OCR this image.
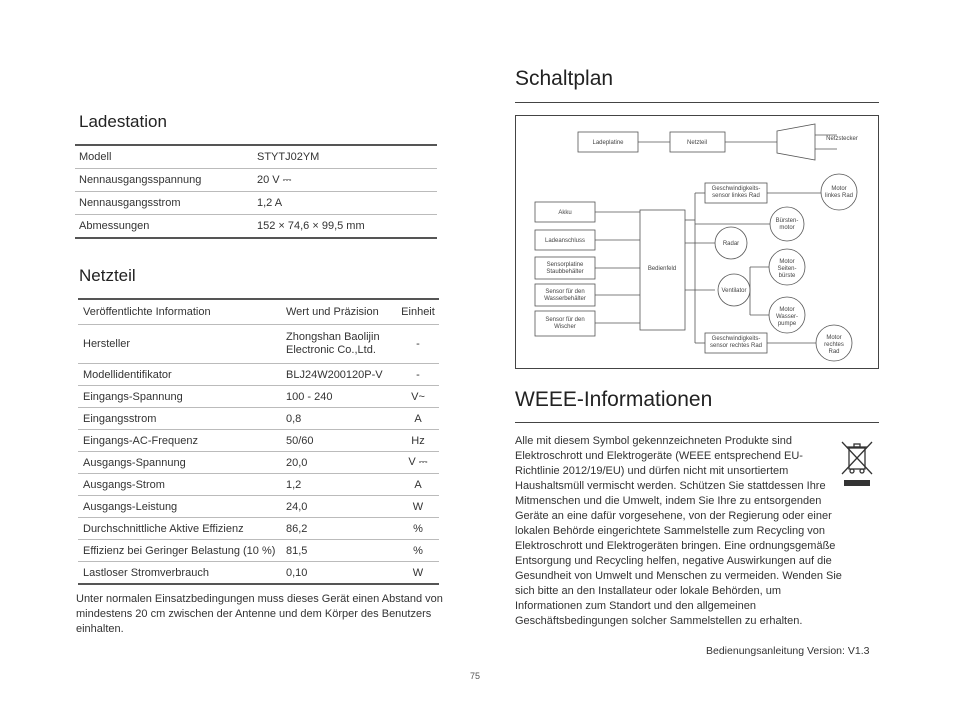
Ladestation
Modell	STYTJ02YM
Nennausgangsspannung	20 V ⎓
Nennausgangsstrom	1,2 A
Abmessungen	152 × 74,6 × 99,5 mm
Netzteil
Veröffentlichte Information	Wert und Präzision	Einheit
Hersteller	Zhongshan Baolijin Electronic Co.,Ltd.	-
Modellidentifikator	BLJ24W200120P-V	-
Eingangs-Spannung	100 - 240	V~
Eingangsstrom	0,8	A
Eingangs-AC-Frequenz	50/60	Hz
Ausgangs-Spannung	20,0	V ⎓
Ausgangs-Strom	1,2	A
Ausgangs-Leistung	24,0	W
Durchschnittliche Aktive Effizienz	86,2	%
Effizienz bei Geringer Belastung (10 %)	81,5	%
Lastloser Stromverbrauch	0,10	W
Unter normalen Einsatzbedingungen muss dieses Gerät einen Abstand von mindestens 20 cm zwischen der Antenne und dem Körper des Benutzers einhalten.
Schaltplan
Ladeplatine	Netzteil
Netzstecker
Geschwindigkeits-
sensor linkes Rad
Motor
linkes Rad
Akku
Bürsten-
motor
Ladeanschluss	Radar
Bedienfeld
Sensorplatine
Staubbehälter
Motor
Seiten-
bürste
Sensor für den
Wasserbehälter
Ventilator
Motor
Wasser-
pumpe
Sensor für den
Wischer
Geschwindigkeits-
sensor rechtes Rad
Motor
rechtes
Rad
WEEE-Informationen
Alle mit diesem Symbol gekennzeichneten Produkte sind Elektroschrott und Elektrogeräte (WEEE entsprechend EU-Richtlinie 2012/19/EU) und dürfen nicht mit unsortiertem Haushaltsmüll vermischt werden. Schützen Sie stattdessen Ihre Mitmenschen und die Umwelt, indem Sie Ihre zu entsorgenden Geräte an eine dafür vorgesehene, von der Regierung oder einer lokalen Behörde eingerichtete Sammelstelle zum Recycling von Elektroschrott und Elektrogeräten bringen. Eine ordnungsgemäße Entsorgung und Recycling helfen, negative Auswirkungen auf die Gesundheit von Umwelt und Menschen zu vermeiden. Wenden Sie sich bitte an den Installateur oder lokale Behörden, um Informationen zum Standort und den allgemeinen Geschäftsbedingungen solcher Sammelstellen zu erhalten.
Bedienungsanleitung Version: V1.3
75
